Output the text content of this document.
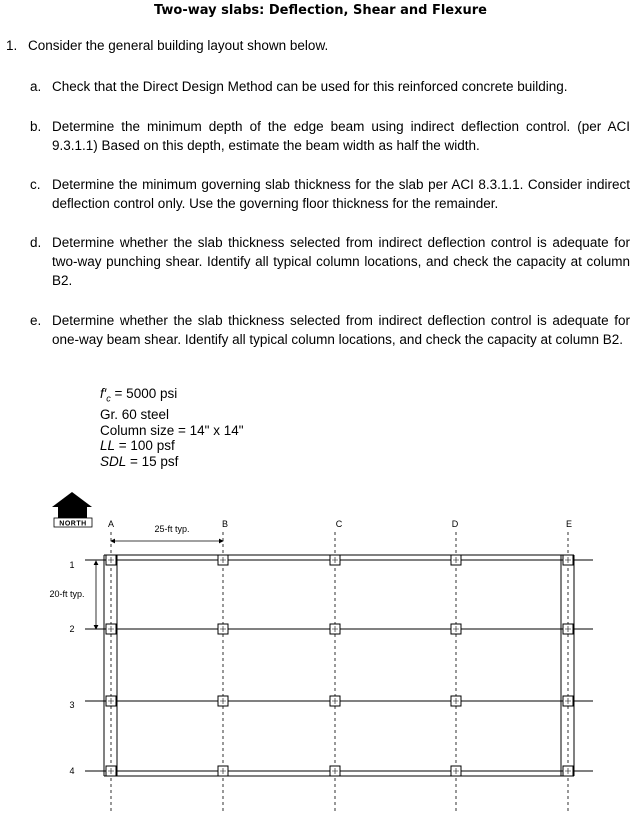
Two-way slabs: Deflection, Shear and Flexure
1. Consider the general building layout shown below.
a. Check that the Direct Design Method can be used for this reinforced concrete building.
b. Determine the minimum depth of the edge beam using indirect deflection control. (per ACI 9.3.1.1) Based on this depth, estimate the beam width as half the width.
c. Determine the minimum governing slab thickness for the slab per ACI 8.3.1.1. Consider indirect deflection control only. Use the governing floor thickness for the remainder.
d. Determine whether the slab thickness selected from indirect deflection control is adequate for two-way punching shear. Identify all typical column locations, and check the capacity at column B2.
e. Determine whether the slab thickness selected from indirect deflection control is adequate for one-way beam shear. Identify all typical column locations, and check the capacity at column B2.
$f'_c = 5000$ psi
Gr. 60 steel
Column size = 14" x 14"
LL = 100 psf
SDL = 15 psf
NORTH A	B	C	D	E
1
2
3
4
25-ft typ.
20-ft typ.
